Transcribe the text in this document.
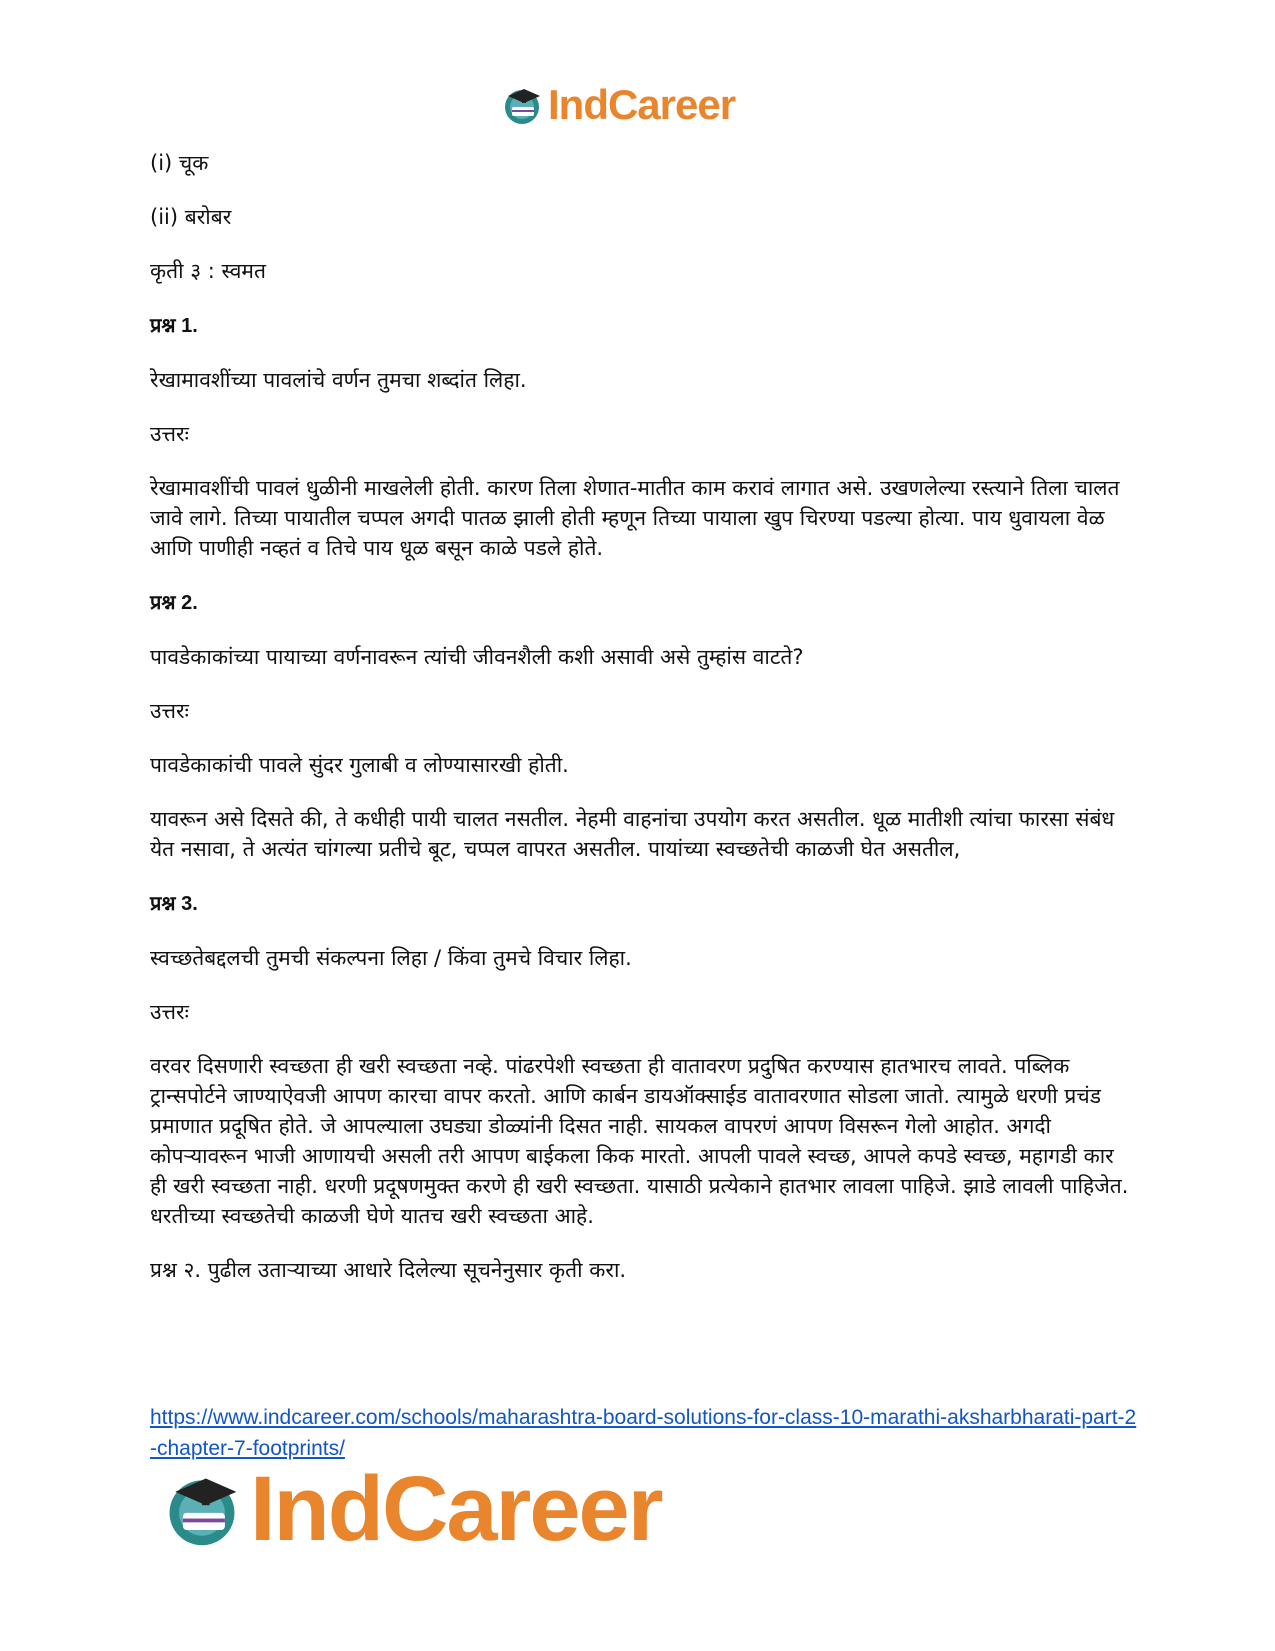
IndCareer

(i) चूक

(ii) बरोबर

कृती ३ : स्वमत

प्रश्न 1.

रेखामावशींच्या पावलांचे वर्णन तुमचा शब्दांत लिहा.

उत्तरः

रेखामावशींची पावलं धुळीनी माखलेली होती. कारण तिला शेणात-मातीत काम करावं लागात असे. उखणलेल्या रस्त्याने तिला चालत जावे लागे. तिच्या पायातील चप्पल अगदी पातळ झाली होती म्हणून तिच्या पायाला खुप चिरण्या पडल्या होत्या. पाय धुवायला वेळ आणि पाणीही नव्हतं व तिचे पाय धूळ बसून काळे पडले होते.

प्रश्न 2.

पावडेकाकांच्या पायाच्या वर्णनावरून त्यांची जीवनशैली कशी असावी असे तुम्हांस वाटते?

उत्तरः

पावडेकाकांची पावले सुंदर गुलाबी व लोण्यासारखी होती.

यावरून असे दिसते की, ते कधीही पायी चालत नसतील. नेहमी वाहनांचा उपयोग करत असतील. धूळ मातीशी त्यांचा फारसा संबंध येत नसावा, ते अत्यंत चांगल्या प्रतीचे बूट, चप्पल वापरत असतील. पायांच्या स्वच्छतेची काळजी घेत असतील,

प्रश्न 3.

स्वच्छतेबद्दलची तुमची संकल्पना लिहा / किंवा तुमचे विचार लिहा.

उत्तरः

वरवर दिसणारी स्वच्छता ही खरी स्वच्छता नव्हे. पांढरपेशी स्वच्छता ही वातावरण प्रदुषित करण्यास हातभारच लावते. पब्लिक ट्रान्सपोर्टने जाण्याऐवजी आपण कारचा वापर करतो. आणि कार्बन डायऑक्साईड वातावरणात सोडला जातो. त्यामुळे धरणी प्रचंड प्रमाणात प्रदूषित होते. जे आपल्याला उघड्या डोळ्यांनी दिसत नाही. सायकल वापरणं आपण विसरून गेलो आहोत. अगदी कोपऱ्यावरून भाजी आणायची असली तरी आपण बाईकला किक मारतो. आपली पावले स्वच्छ, आपले कपडे स्वच्छ, महागडी कार ही खरी स्वच्छता नाही. धरणी प्रदूषणमुक्त करणे ही खरी स्वच्छता. यासाठी प्रत्येकाने हातभार लावला पाहिजे. झाडे लावली पाहिजेत. धरतीच्या स्वच्छतेची काळजी घेणे यातच खरी स्वच्छता आहे.

प्रश्न २. पुढील उताऱ्याच्या आधारे दिलेल्या सूचनेनुसार कृती करा.

https://www.indcareer.com/schools/maharashtra-board-solutions-for-class-10-marathi-aksharbharati-part-2-chapter-7-footprints/
IndCareer
